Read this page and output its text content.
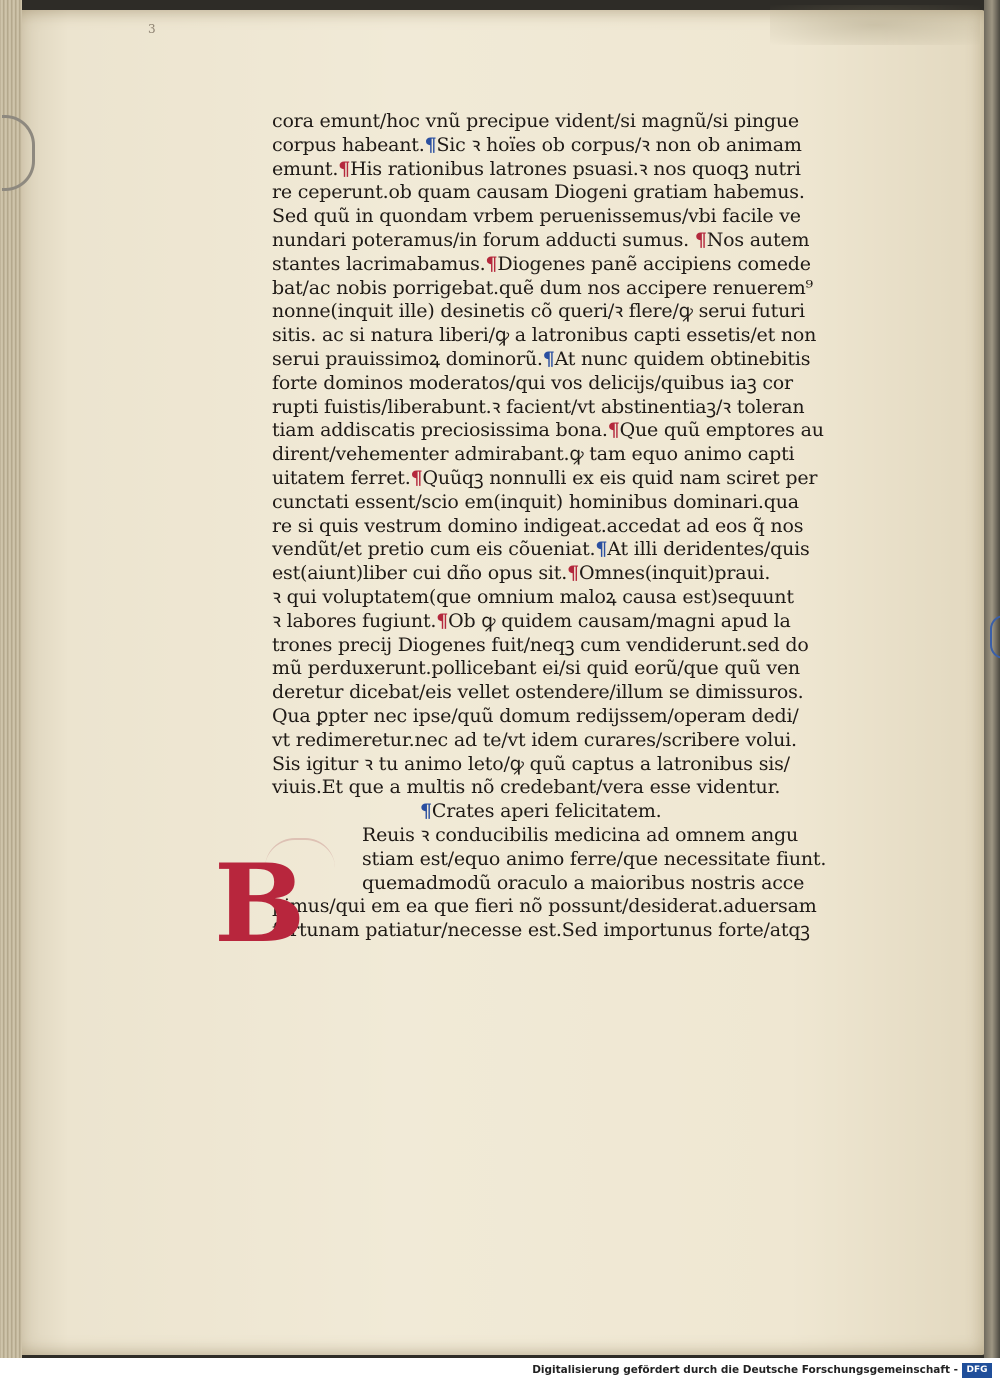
3
cora emunt/hoc vnũ precipue vident/si magnũ/si pingue
corpus habeant.¶Sic ꝛ hoïes ob corpus/ꝛ non ob animam
emunt.¶His rationibus latrones psuasi.ꝛ nos quoqꝫ nutri
re ceperunt.ob quam causam Diogeni gratiam habemus.
Sed quũ in quondam vrbem peruenissemus/vbi facile ve
nundari poteramus/in forum adducti sumus. ¶Nos autem
stantes lacrimabamus.¶Diogenes panẽ accipiens comede
bat/ac nobis porrigebat.quẽ dum nos accipere renuerem⁹
nonne(inquit ille) desinetis cõ queri/ꝛ flere/ꝙ serui futuri
sitis. ac si natura liberi/ꝙ a latronibus capti essetis/et non
serui prauissimoꝝ dominorũ.¶At nunc quidem obtinebitis
forte dominos moderatos/qui vos delicijs/quibus iaꝫ cor
rupti fuistis/liberabunt.ꝛ facient/vt abstinentiaꝫ/ꝛ toleran
tiam addiscatis preciosissima bona.¶Que quũ emptores au
dirent/vehementer admirabant.ꝙ tam equo animo capti
uitatem ferret.¶Quũqꝫ nonnulli ex eis quid nam sciret per
cunctati essent/scio em(inquit) hominibus dominari.qua
re si quis vestrum domino indigeat.accedat ad eos q̃ nos
vendũt/et pretio cum eis cõueniat.¶At illi deridentes/quis
est(aiunt)liber cui dño opus sit.¶Omnes(inquit)praui.
ꝛ qui voluptatem(que omnium maloꝝ causa est)sequunt
ꝛ labores fugiunt.¶Ob ꝙ quidem causam/magni apud la
trones precij Diogenes fuit/neqꝫ cum vendiderunt.sed do
mũ perduxerunt.pollicebant ei/si quid eorũ/que quũ ven
deretur dicebat/eis vellet ostendere/illum se dimissuros.
Qua ꝑpter nec ipse/quũ domum redijssem/operam dedi/
vt redimeretur.nec ad te/vt idem curares/scribere volui.
Sis igitur ꝛ tu animo leto/ꝙ quũ captus a latronibus sis/
viuis.Et que a multis nõ credebant/vera esse videntur.
¶Crates aperi felicitatem.
Reuis ꝛ conducibilis medicina ad omnem angu
stiam est/equo animo ferre/que necessitate fiunt.
quemadmodũ oraculo a maioribus nostris acce
pimus/qui em ea que fieri nõ possunt/desiderat.aduersam
fortunam patiatur/necesse est.Sed importunus forte/atqꝫ
B
Digitalisierung gefördert durch die Deutsche Forschungsgemeinschaft - DFG
